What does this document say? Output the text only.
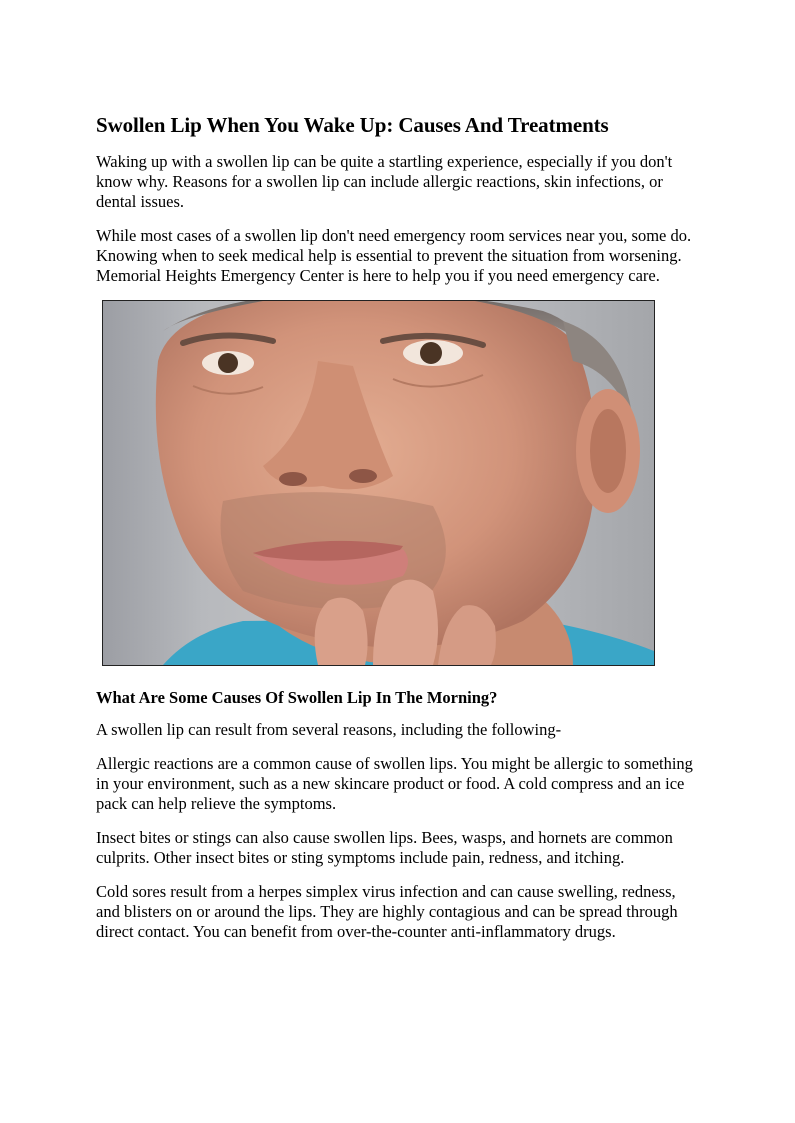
Swollen Lip When You Wake Up: Causes And Treatments

Waking up with a swollen lip can be quite a startling experience, especially if you don't know why. Reasons for a swollen lip can include allergic reactions, skin infections, or dental issues.

While most cases of a swollen lip don't need emergency room services near you, some do. Knowing when to seek medical help is essential to prevent the situation from worsening. Memorial Heights Emergency Center is here to help you if you need emergency care.

What Are Some Causes Of Swollen Lip In The Morning?

A swollen lip can result from several reasons, including the following-

Allergic reactions are a common cause of swollen lips. You might be allergic to something in your environment, such as a new skincare product or food. A cold compress and an ice pack can help relieve the symptoms.

Insect bites or stings can also cause swollen lips. Bees, wasps, and hornets are common culprits. Other insect bites or sting symptoms include pain, redness, and itching.

Cold sores result from a herpes simplex virus infection and can cause swelling, redness, and blisters on or around the lips. They are highly contagious and can be spread through direct contact. You can benefit from over-the-counter anti-inflammatory drugs.
